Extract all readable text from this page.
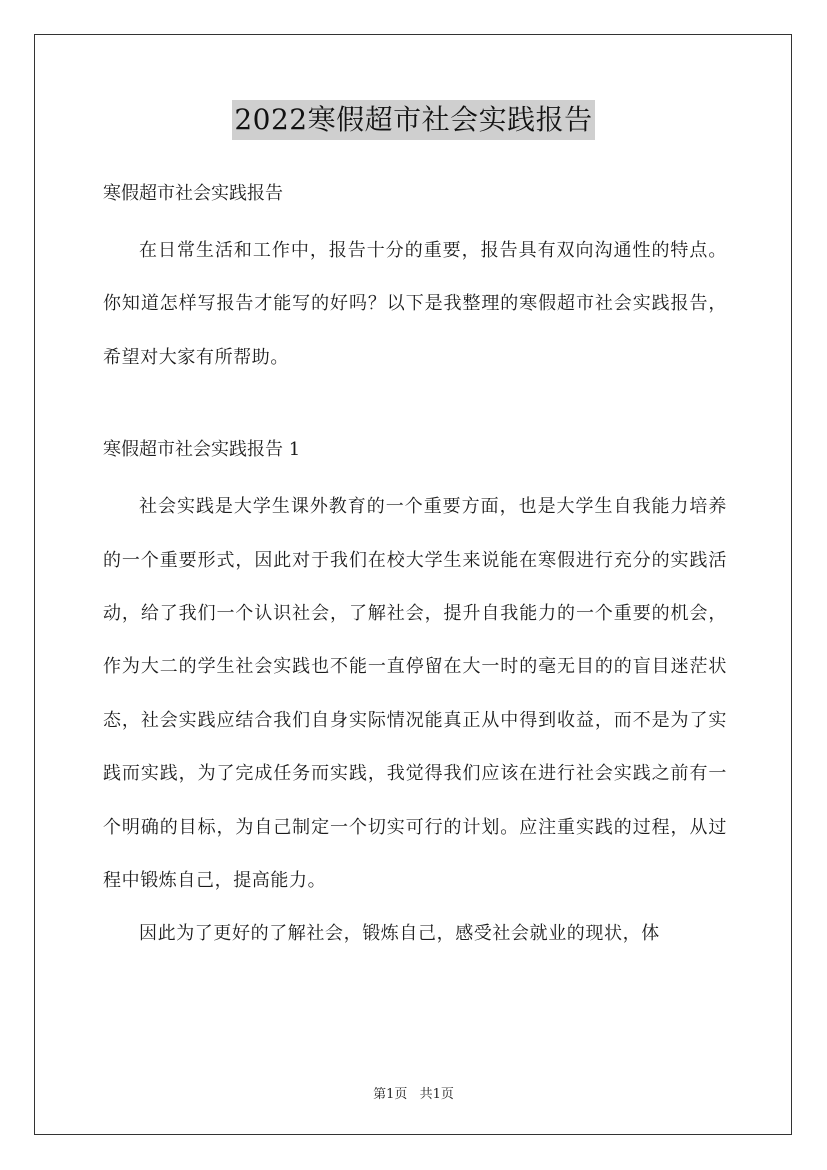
2022寒假超市社会实践报告

寒假超市社会实践报告

在日常生活和工作中，报告十分的重要，报告具有双向沟通性的特点。你知道怎样写报告才能写的好吗？以下是我整理的寒假超市社会实践报告，希望对大家有所帮助。

寒假超市社会实践报告 1

社会实践是大学生课外教育的一个重要方面，也是大学生自我能力培养的一个重要形式，因此对于我们在校大学生来说能在寒假进行充分的实践活动，给了我们一个认识社会，了解社会，提升自我能力的一个重要的机会，作为大二的学生社会实践也不能一直停留在大一时的毫无目的的盲目迷茫状态，社会实践应结合我们自身实际情况能真正从中得到收益，而不是为了实践而实践，为了完成任务而实践，我觉得我们应该在进行社会实践之前有一个明确的目标，为自己制定一个切实可行的计划。应注重实践的过程，从过程中锻炼自己，提高能力。

因此为了更好的了解社会，锻炼自己，感受社会就业的现状，体

第1页 共1页
